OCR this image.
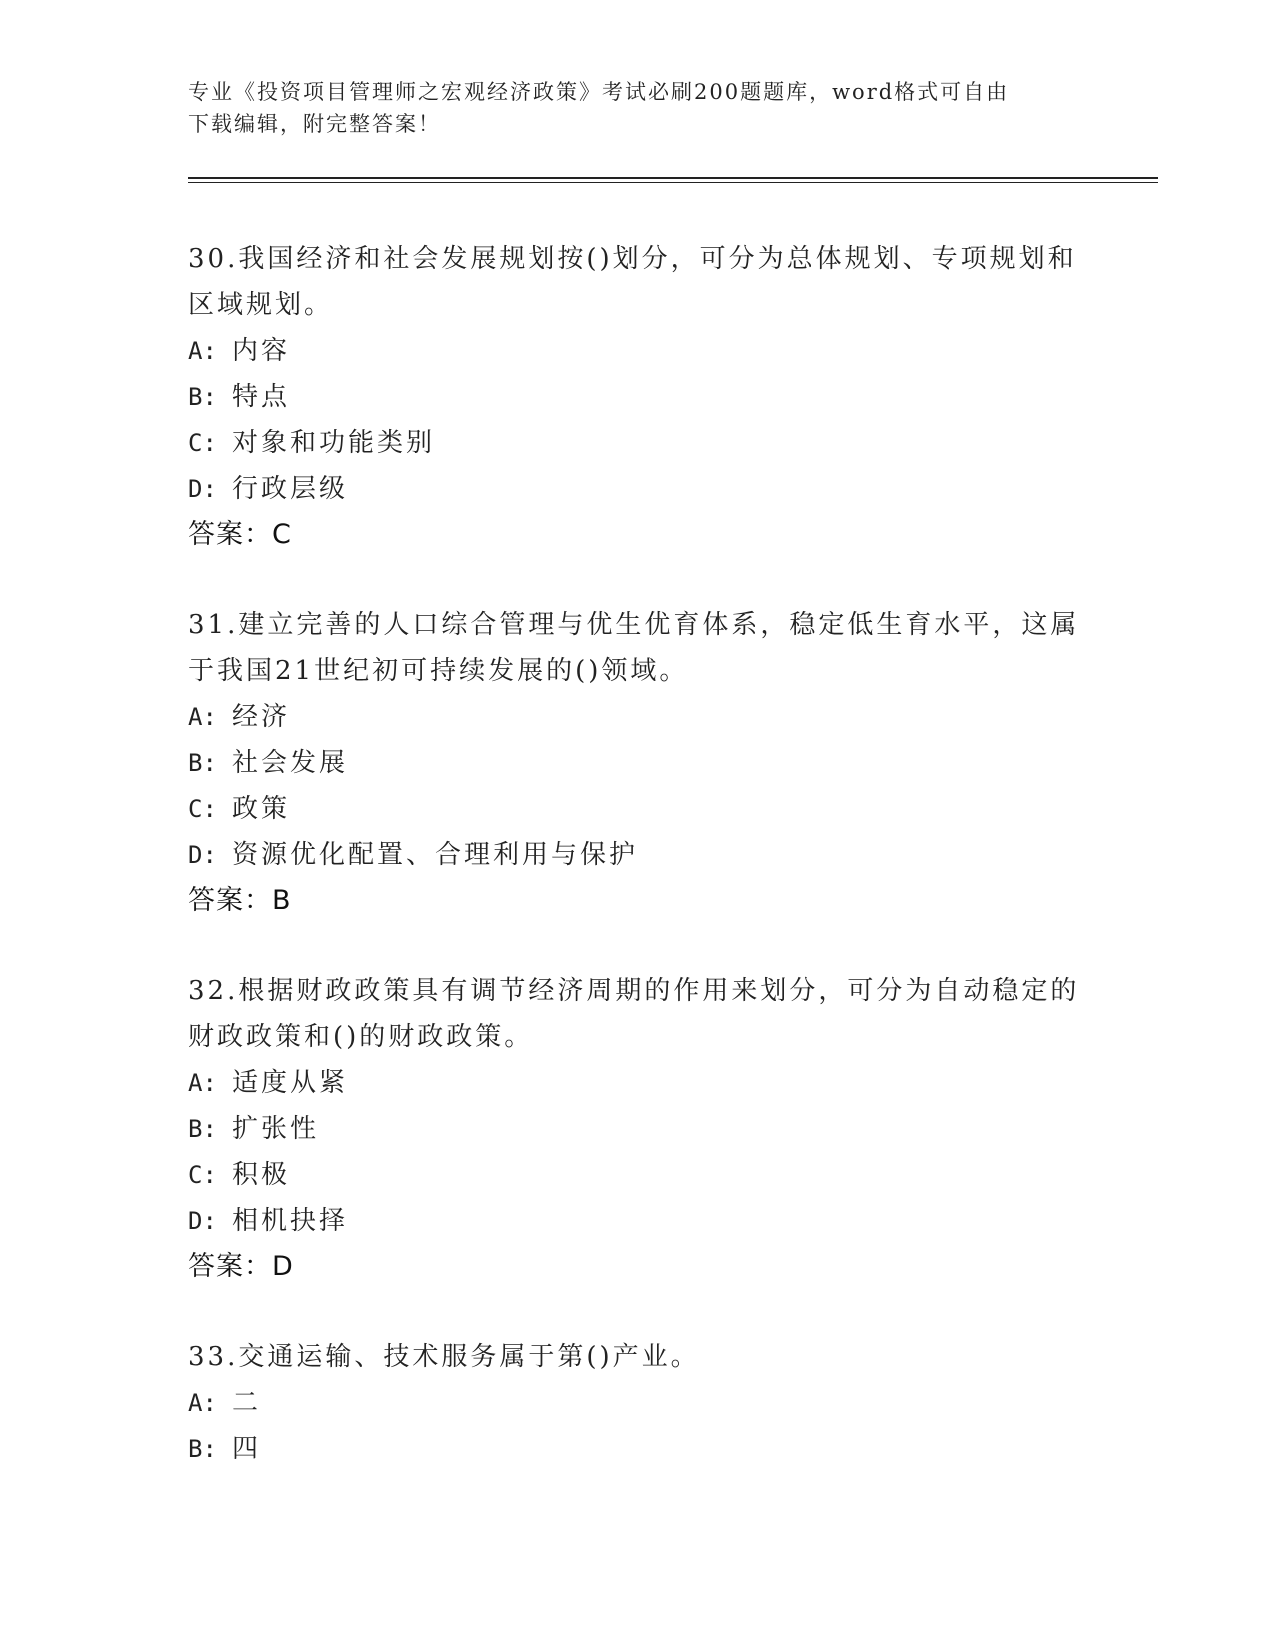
专业《投资项目管理师之宏观经济政策》考试必刷200题题库，word格式可自由
下载编辑，附完整答案！

30.我国经济和社会发展规划按()划分，可分为总体规划、专项规划和
区域规划。

A: 内容

B: 特点

C: 对象和功能类别

D: 行政层级

答案：C

31.建立完善的人口综合管理与优生优育体系，稳定低生育水平，这属
于我国21世纪初可持续发展的()领域。

A: 经济

B: 社会发展

C: 政策

D: 资源优化配置、合理利用与保护

答案：B

32.根据财政政策具有调节经济周期的作用来划分，可分为自动稳定的
财政政策和()的财政政策。

A: 适度从紧

B: 扩张性

C: 积极

D: 相机抉择

答案：D

33.交通运输、技术服务属于第()产业。

A: 二

B: 四
